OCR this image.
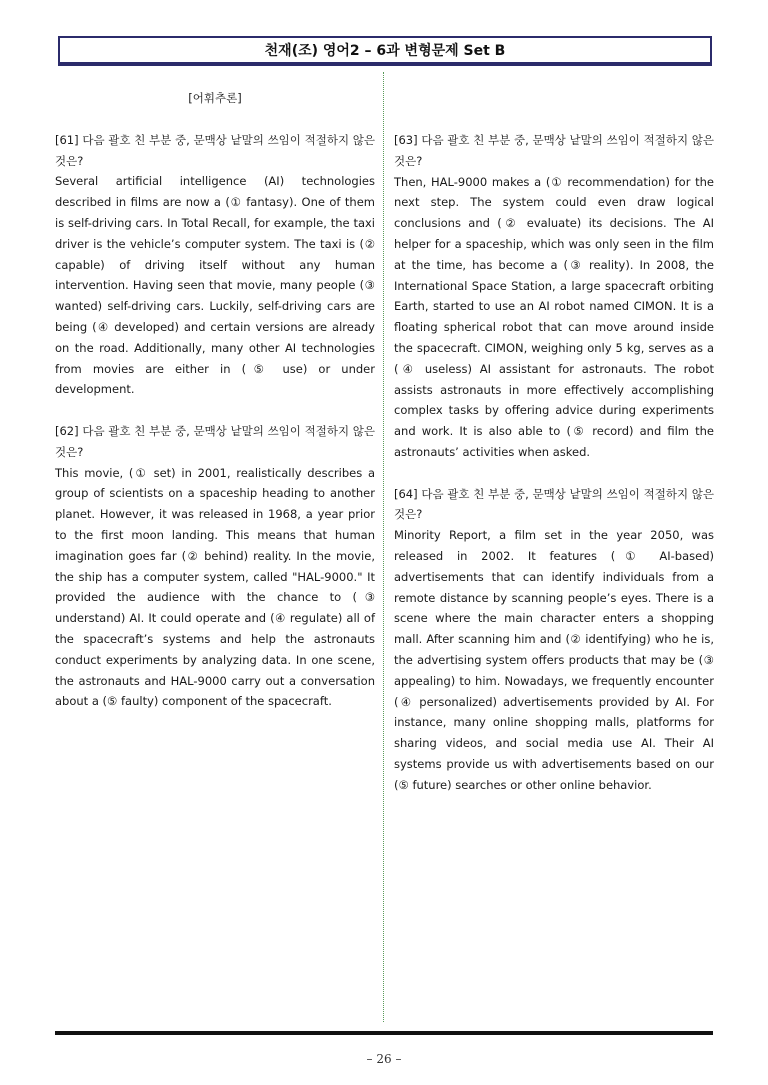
천재(조) 영어2 – 6과 변형문제 Set B
[어휘추론]
[61] 다음 괄호 친 부분 중, 문맥상 낱말의 쓰임이 적절하지 않은 것은?
Several artificial intelligence (AI) technologies described in films are now a (① fantasy). One of them is self-driving cars. In Total Recall, for example, the taxi driver is the vehicle’s computer system. The taxi is (② capable) of driving itself without any human intervention. Having seen that movie, many people (③ wanted) self-driving cars. Luckily, self-driving cars are being (④ developed) and certain versions are already on the road. Additionally, many other AI technologies from movies are either in (⑤ use) or under development.
[62] 다음 괄호 친 부분 중, 문맥상 낱말의 쓰임이 적절하지 않은 것은?
This movie, (① set) in 2001, realistically describes a group of scientists on a spaceship heading to another planet. However, it was released in 1968, a year prior to the first moon landing. This means that human imagination goes far (② behind) reality. In the movie, the ship has a computer system, called "HAL-9000." It provided the audience with the chance to (③ understand) AI. It could operate and (④ regulate) all of the spacecraft’s systems and help the astronauts conduct experiments by analyzing data. In one scene, the astronauts and HAL-9000 carry out a conversation about a (⑤ faulty) component of the spacecraft.
[63] 다음 괄호 친 부분 중, 문맥상 낱말의 쓰임이 적절하지 않은 것은?
Then, HAL-9000 makes a (① recommendation) for the next step. The system could even draw logical conclusions and (② evaluate) its decisions. The AI helper for a spaceship, which was only seen in the film at the time, has become a (③ reality). In 2008, the International Space Station, a large spacecraft orbiting Earth, started to use an AI robot named CIMON. It is a floating spherical robot that can move around inside the spacecraft. CIMON, weighing only 5 kg, serves as a (④ useless) AI assistant for astronauts. The robot assists astronauts in more effectively accomplishing complex tasks by offering advice during experiments and work. It is also able to (⑤ record) and film the astronauts’ activities when asked.
[64] 다음 괄호 친 부분 중, 문맥상 낱말의 쓰임이 적절하지 않은 것은?
Minority Report, a film set in the year 2050, was released in 2002. It features (① AI-based) advertisements that can identify individuals from a remote distance by scanning people’s eyes. There is a scene where the main character enters a shopping mall. After scanning him and (② identifying) who he is, the advertising system offers products that may be (③ appealing) to him. Nowadays, we frequently encounter (④ personalized) advertisements provided by AI. For instance, many online shopping malls, platforms for sharing videos, and social media use AI. Their AI systems provide us with advertisements based on our (⑤ future) searches or other online behavior.
– 26 –
